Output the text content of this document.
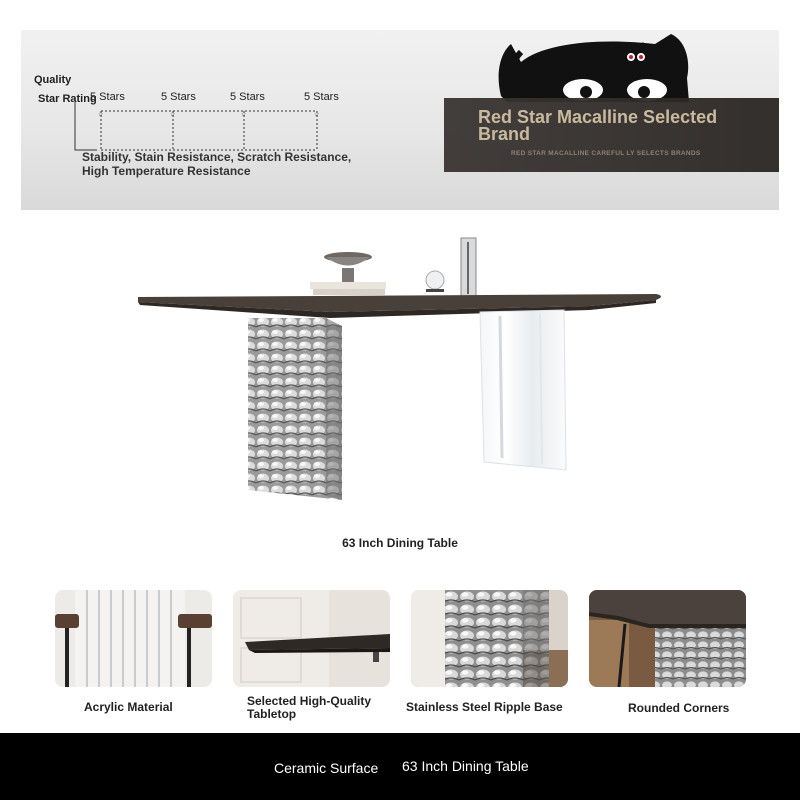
Quality
Star Rating
☆	☆	☆	☆
5 Stars	5 Stars	5 Stars	5 Stars
Stability, Stain Resistance, Scratch Resistance, High Temperature Resistance
Red Star Macalline Selected Brand
RED STAR MACALLINE CAREFUL LY SELECTS BRANDS
63 Inch Dining Table
Acrylic Material	Selected High-Quality Tabletop	Stainless Steel Ripple Base	Rounded Corners
Ceramic Surface 63 Inch Dining Table
